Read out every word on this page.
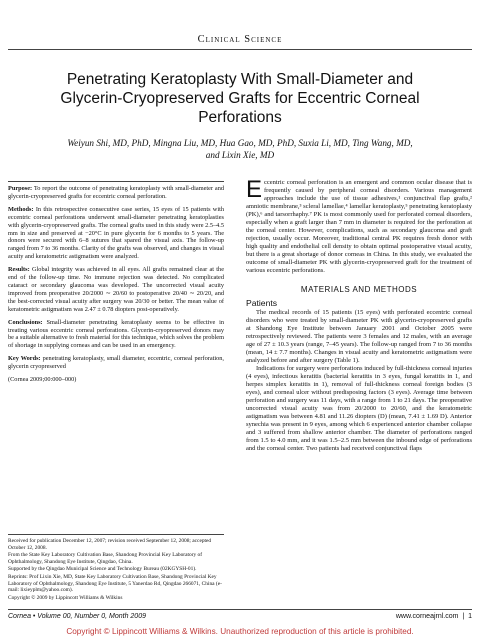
Clinical Science
Penetrating Keratoplasty With Small-Diameter and Glycerin-Cryopreserved Grafts for Eccentric Corneal Perforations
Weiyun Shi, MD, PhD, Mingna Liu, MD, Hua Gao, MD, PhD, Suxia Li, MD, Ting Wang, MD, and Lixin Xie, MD

Purpose: To report the outcome of penetrating keratoplasty with small-diameter and glycerin-cryopreserved grafts for eccentric corneal perforation.

Methods: In this retrospective consecutive case series, 15 eyes of 15 patients with eccentric corneal perforations underwent small-diameter penetrating keratoplasties with glycerin-cryopreserved grafts. The corneal grafts used in this study were 2.5–4.5 mm in size and preserved at −20°C in pure glycerin for 6 months to 5 years. The donors were secured with 6–8 sutures that spared the visual axis. The follow-up ranged from 7 to 36 months. Clarity of the grafts was observed, and changes in visual acuity and keratometric astigmatism were analyzed.

Results: Global integrity was achieved in all eyes. All grafts remained clear at the end of the follow-up time. No immune rejection was detected. No complicated cataract or secondary glaucoma was developed. The uncorrected visual acuity improved from preoperative 20/2000 ∼ 20/60 to postoperative 20/40 ∼ 20/20, and the best-corrected visual acuity after surgery was 20/30 or better. The mean value of keratometric astigmatism was 2.47 ± 0.78 diopters post-operatively.

Conclusions: Small-diameter penetrating keratoplasty seems to be effective in treating various eccentric corneal perforations. Glycerin-cryopreserved donors may be a suitable alternative to fresh material for this technique, which solves the problem of shortage in supplying corneas and can be used in an emergency.

Key Words: penetrating keratoplasty, small diameter, eccentric, corneal perforation, glycerin cryopreserved

(Cornea 2009;00:000–000)

Received for publication December 12, 2007; revision received September 12, 2008; accepted October 12, 2008.

From the State Key Laboratory Cultivation Base, Shandong Provincial Key Laboratory of Ophthalmology, Shandong Eye Institute, Qingdao, China.

Supported by the Qingdao Municipal Science and Technology Bureau (02KGYSH-01).

Reprints: Prof Lixin Xie, MD, State Key Laboratory Cultivation Base, Shandong Provincial Key Laboratory of Ophthalmology, Shandong Eye Institute, 5 Yanerdao Rd, Qingdao 266071, China (e-mail: lixieyplm@yahoo.com).

Copyright © 2009 by Lippincott Williams & Wilkins

Eccentric corneal perforation is an emergent and common ocular disease that is frequently caused by peripheral corneal disorders. Various management approaches include the use of tissue adhesives,¹ conjunctival flap grafts,² amniotic membrane,³ scleral lamellae,⁴ lamellar keratoplasty,⁵ penetrating keratoplasty (PK),⁶ and tarsorrhaphy.⁷ PK is most commonly used for perforated corneal disorders, especially when a graft larger than 7 mm in diameter is required for the perforation at the corneal center. However, complications, such as secondary glaucoma and graft rejection, usually occur. Moreover, traditional central PK requires fresh donor with high quality and endothelial cell density to obtain optimal postoperative visual acuity, but there is a great shortage of donor corneas in China. In this study, we evaluated the outcome of small-diameter PK with glycerin-cryopreserved graft for the treatment of various eccentric perforations.

MATERIALS AND METHODS
Patients

The medical records of 15 patients (15 eyes) with perforated eccentric corneal disorders who were treated by small-diameter PK with glycerin-cryopreserved grafts at Shandong Eye Institute between January 2001 and October 2005 were retrospectively reviewed. The patients were 3 females and 12 males, with an average age of 27 ± 10.3 years (range, 7–45 years). The follow-up ranged from 7 to 36 months (mean, 14 ± 7.7 months). Changes in visual acuity and keratometric astigmatism were analyzed before and after surgery (Table 1).

Indications for surgery were perforations induced by full-thickness corneal injuries (4 eyes), infectious keratitis (bacterial keratitis in 3 eyes, fungal keratitis in 1, and herpes simplex keratitis in 1), removal of full-thickness corneal foreign bodies (3 eyes), and corneal ulcer without predisposing factors (3 eyes). Average time between perforation and surgery was 11 days, with a range from 1 to 21 days. The preoperative uncorrected visual acuity was from 20/2000 to 20/60, and the keratometric astigmatism was between 4.81 and 11.26 diopters (D) (mean, 7.41 ± 1.69 D). Anterior synechia was present in 9 eyes, among which 6 experienced anterior chamber collapse and 3 suffered from shallow anterior chamber. The diameter of perforations ranged from 1.5 to 4.0 mm, and it was 1.5–2.5 mm between the inbound edge of perforations and the corneal center. Two patients had received conjunctival flaps

Cornea • Volume 00, Number 0, Month 2009	www.corneajrnl.com  |  1
Copyright © Lippincott Williams & Wilkins. Unauthorized reproduction of this article is prohibited.
